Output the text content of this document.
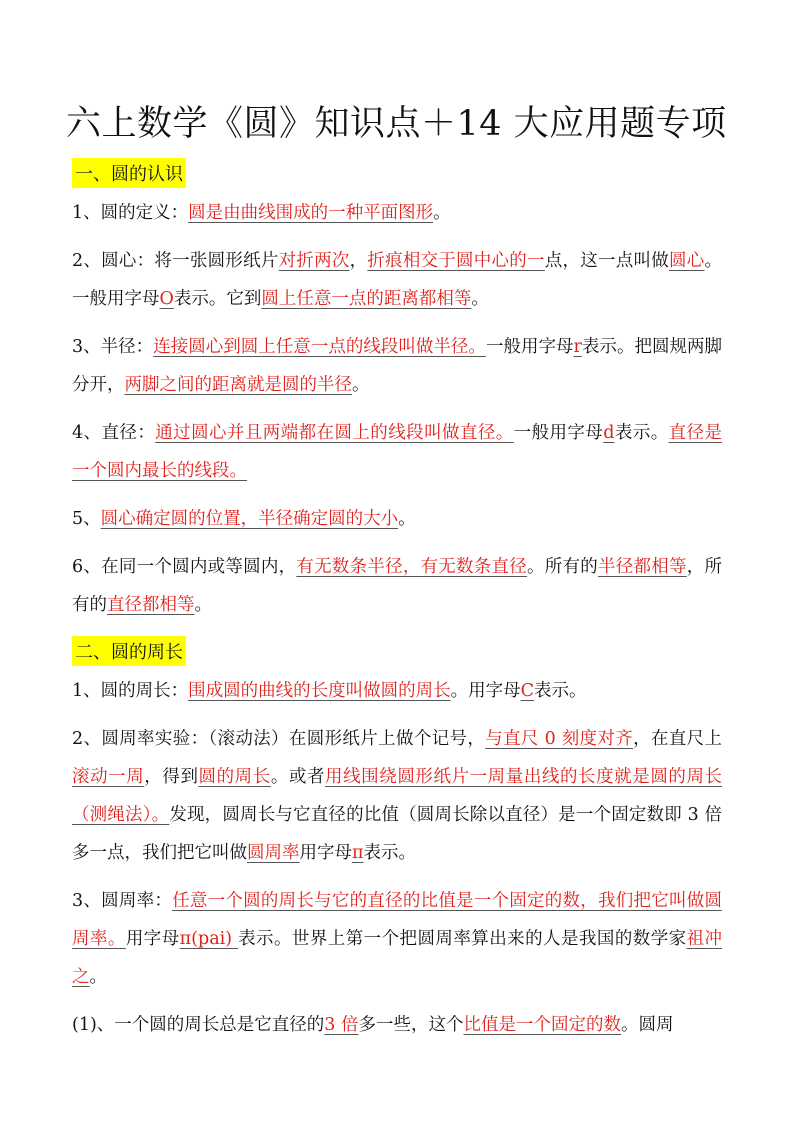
六上数学《圆》知识点＋14 大应用题专项
一、圆的认识

1、圆的定义：圆是由曲线围成的一种平面图形。

2、圆心：将一张圆形纸片对折两次，折痕相交于圆中心的一点，这一点叫做圆心。一般用字母O表示。它到圆上任意一点的距离都相等。

3、半径：连接圆心到圆上任意一点的线段叫做半径。一般用字母r表示。把圆规两脚分开，两脚之间的距离就是圆的半径。

4、直径：通过圆心并且两端都在圆上的线段叫做直径。一般用字母d表示。直径是一个圆内最长的线段。

5、圆心确定圆的位置，半径确定圆的大小。

6、在同一个圆内或等圆内，有无数条半径，有无数条直径。所有的半径都相等，所有的直径都相等。

二、圆的周长

1、圆的周长：围成圆的曲线的长度叫做圆的周长。用字母C表示。

2、圆周率实验：（滚动法）在圆形纸片上做个记号，与直尺 0 刻度对齐，在直尺上滚动一周，得到圆的周长。或者用线围绕圆形纸片一周量出线的长度就是圆的周长（测绳法）。发现，圆周长与它直径的比值（圆周长除以直径）是一个固定数即 3 倍多一点，我们把它叫做圆周率用字母π表示。

3、圆周率：任意一个圆的周长与它的直径的比值是一个固定的数，我们把它叫做圆周率。用字母π(pai) 表示。世界上第一个把圆周率算出来的人是我国的数学家祖冲之。

(1)、一个圆的周长总是它直径的3 倍多一些，这个比值是一个固定的数。圆周
